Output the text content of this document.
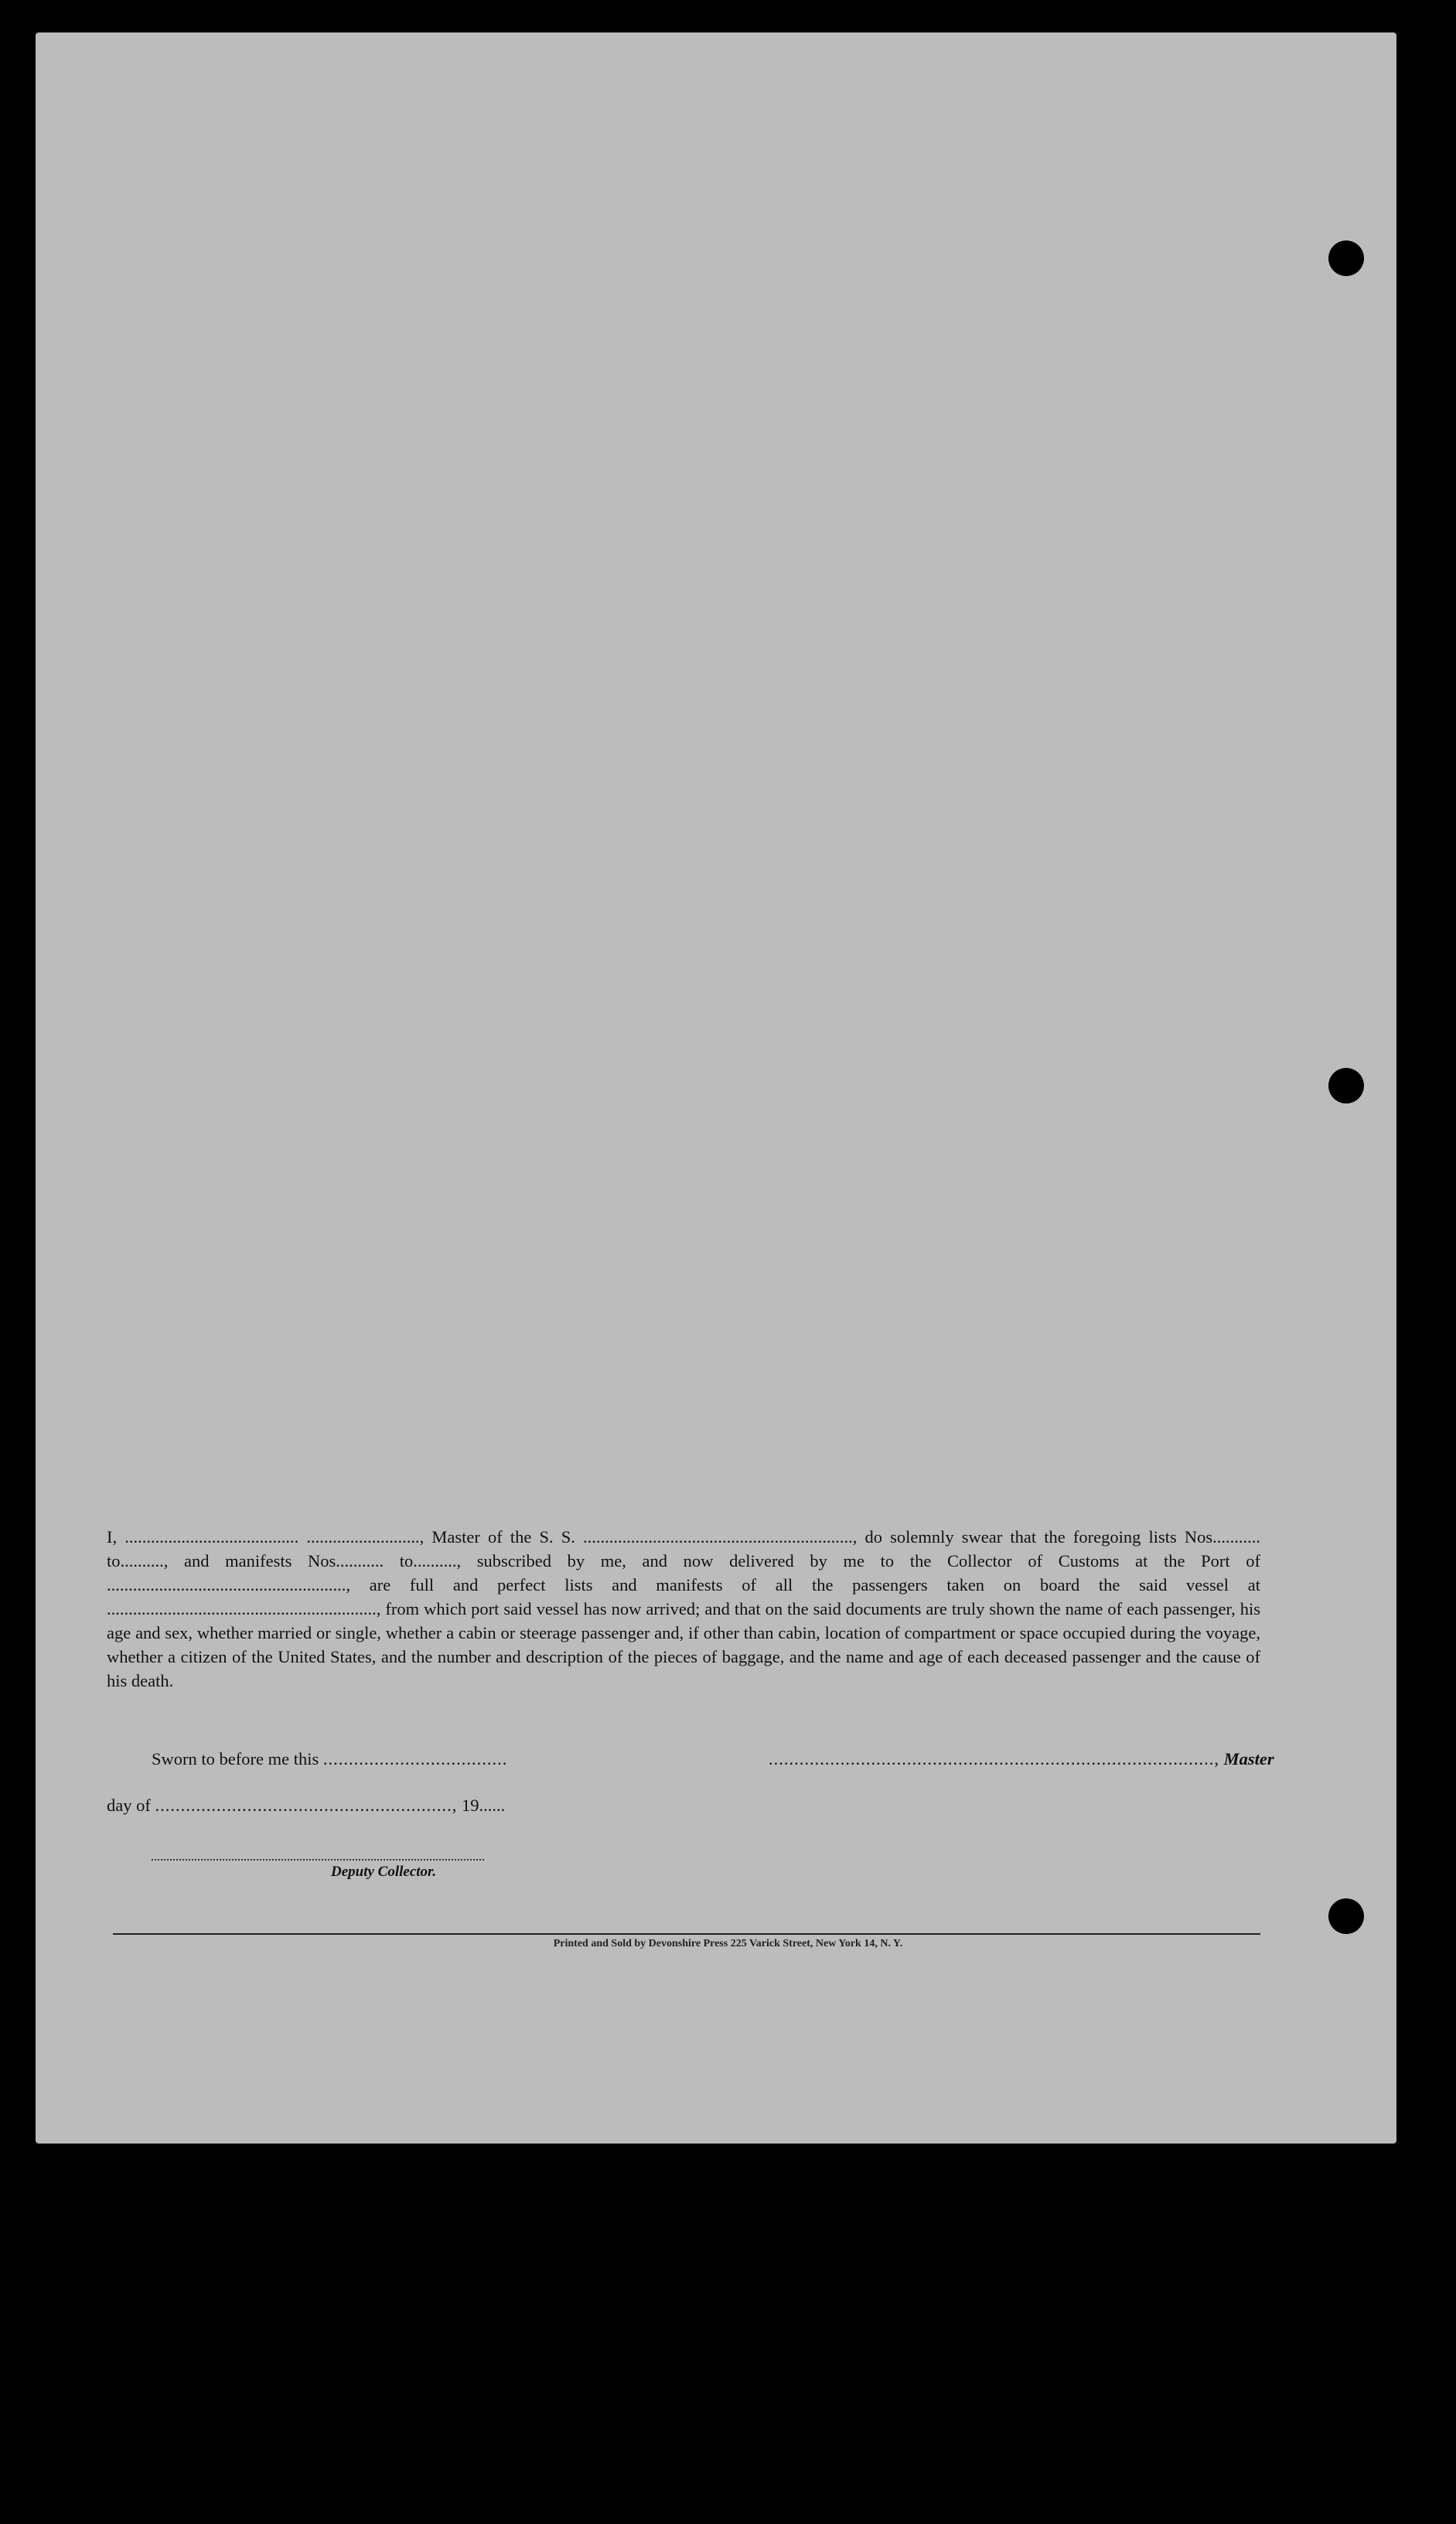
I, ........................................ .........................., Master of the S. S. .............................................................., do solemnly swear that the foregoing lists Nos........... to.........., and manifests Nos........... to.........., subscribed by me, and now delivered by me to the Collector of Customs at the Port of ......................................................., are full and perfect lists and manifests of all the passengers taken on board the said vessel at .............................................................., from which port said vessel has now arrived; and that on the said documents are truly shown the name of each passenger, his age and sex, whether married or single, whether a cabin or steerage passenger and, if other than cabin, location of compartment or space occupied during the voyage, whether a citizen of the United States, and the number and description of the pieces of baggage, and the name and age of each deceased passenger and the cause of his death.

Sworn to before me this ....................................	......................................................................................., Master
day of .........................................................., 19......
Deputy Collector.
Printed and Sold by Devonshire Press 225 Varick Street, New York 14, N. Y.
